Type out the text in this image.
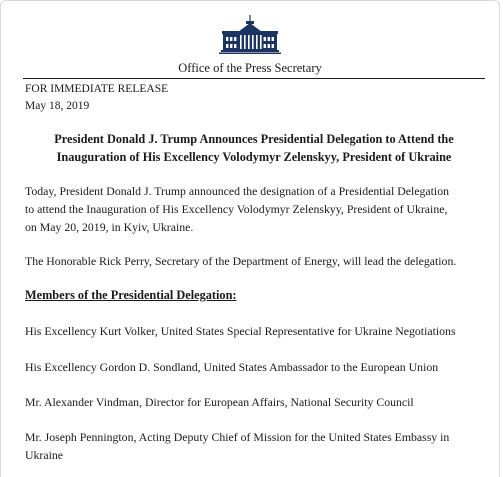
Office of the Press Secretary
FOR IMMEDIATE RELEASE
May 18, 2019
President Donald J. Trump Announces Presidential Delegation to Attend the
Inauguration of His Excellency Volodymyr Zelenskyy, President of Ukraine
Today, President Donald J. Trump announced the designation of a Presidential Delegation
to attend the Inauguration of His Excellency Volodymyr Zelenskyy, President of Ukraine,
on May 20, 2019, in Kyiv, Ukraine.
The Honorable Rick Perry, Secretary of the Department of Energy, will lead the delegation.
Members of the Presidential Delegation:
His Excellency Kurt Volker, United States Special Representative for Ukraine Negotiations
His Excellency Gordon D. Sondland, United States Ambassador to the European Union
Mr. Alexander Vindman, Director for European Affairs, National Security Council
Mr. Joseph Pennington, Acting Deputy Chief of Mission for the United States Embassy in
Ukraine
